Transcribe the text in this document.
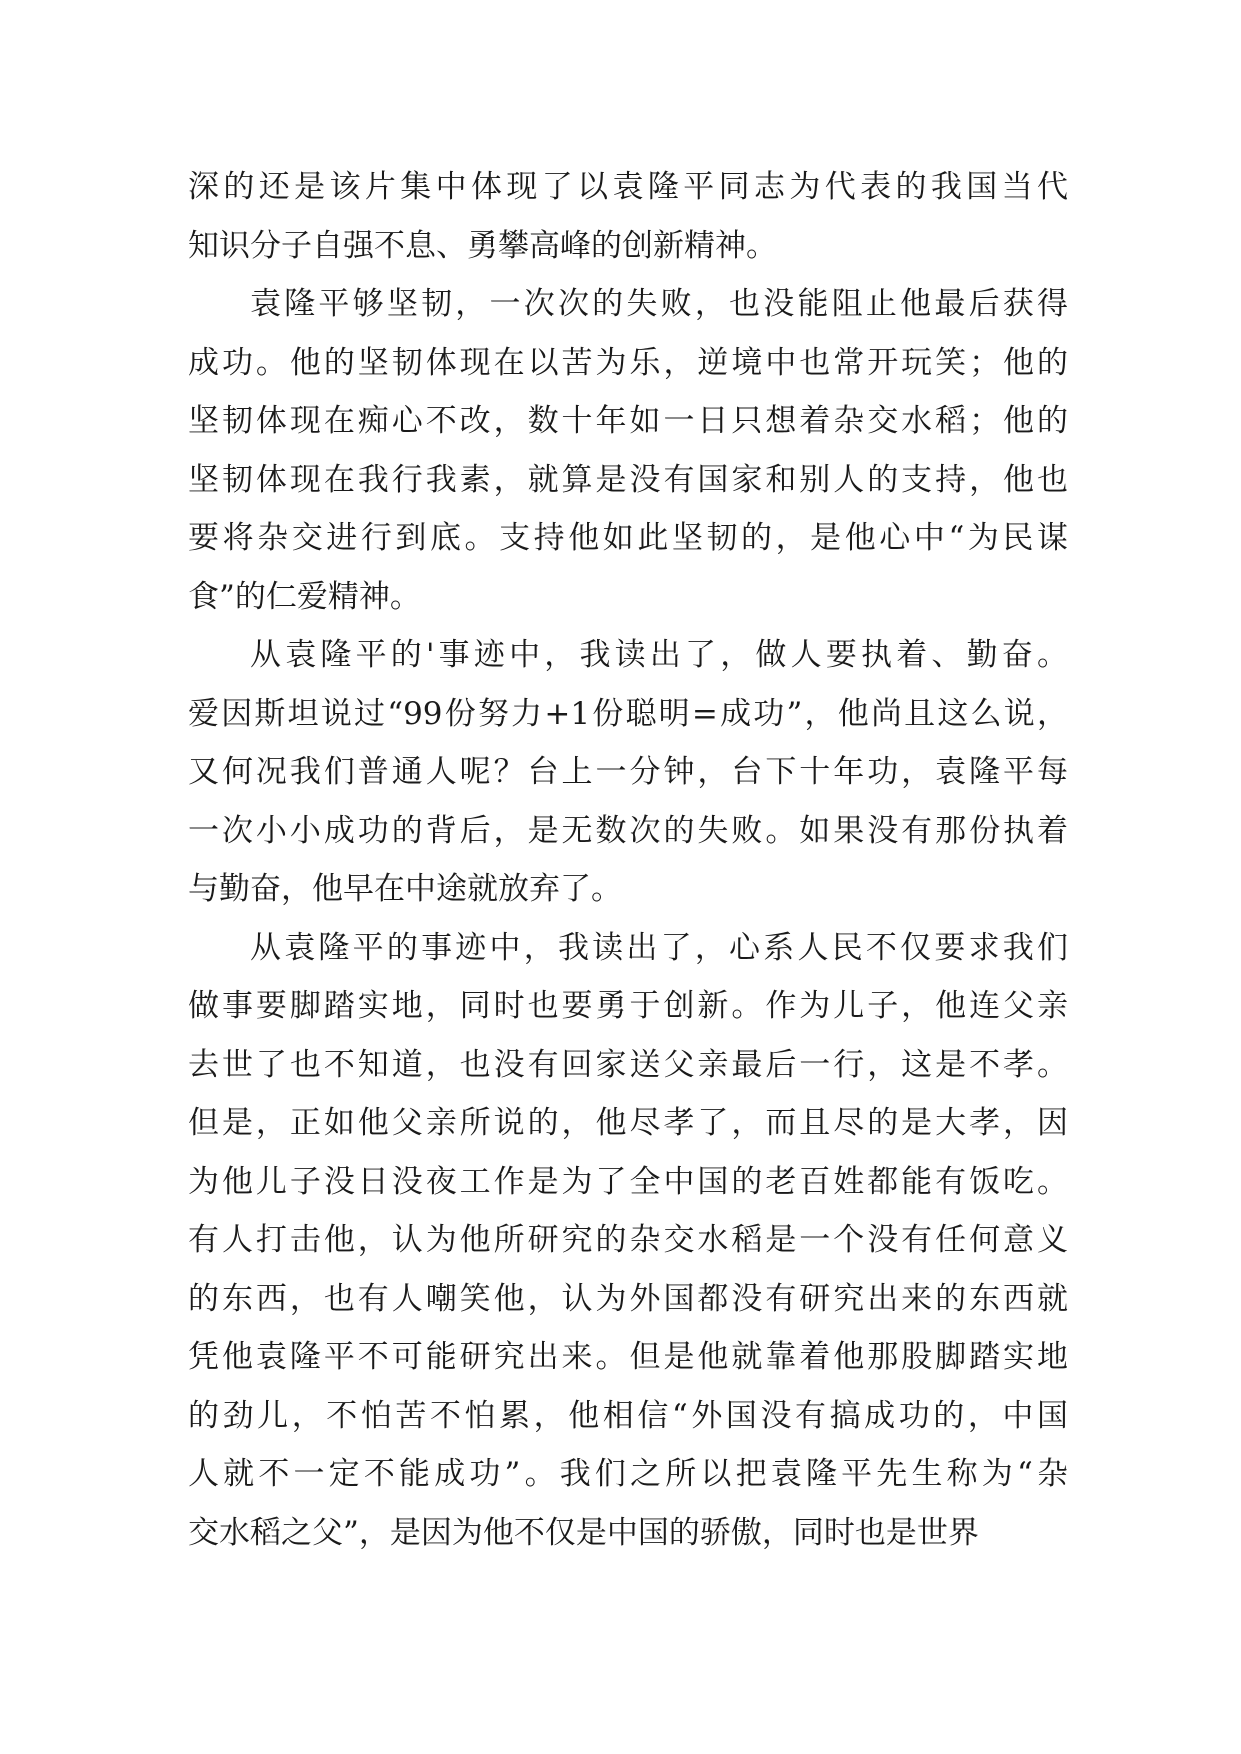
深的还是该片集中体现了以袁隆平同志为代表的我国当代
知识分子自强不息、勇攀高峰的创新精神。
袁隆平够坚韧，一次次的失败，也没能阻止他最后获得
成功。他的坚韧体现在以苦为乐，逆境中也常开玩笑；他的
坚韧体现在痴心不改，数十年如一日只想着杂交水稻；他的
坚韧体现在我行我素，就算是没有国家和别人的支持，他也
要将杂交进行到底。支持他如此坚韧的，是他心中“为民谋
食”的仁爱精神。
从袁隆平的'事迹中，我读出了，做人要执着、勤奋。
爱因斯坦说过“99份努力+1份聪明=成功”，他尚且这么说，
又何况我们普通人呢？台上一分钟，台下十年功，袁隆平每
一次小小成功的背后，是无数次的失败。如果没有那份执着
与勤奋，他早在中途就放弃了。
从袁隆平的事迹中，我读出了，心系人民不仅要求我们
做事要脚踏实地，同时也要勇于创新。作为儿子，他连父亲
去世了也不知道，也没有回家送父亲最后一行，这是不孝。
但是，正如他父亲所说的，他尽孝了，而且尽的是大孝，因
为他儿子没日没夜工作是为了全中国的老百姓都能有饭吃。
有人打击他，认为他所研究的杂交水稻是一个没有任何意义
的东西，也有人嘲笑他，认为外国都没有研究出来的东西就
凭他袁隆平不可能研究出来。但是他就靠着他那股脚踏实地
的劲儿，不怕苦不怕累，他相信“外国没有搞成功的，中国
人就不一定不能成功”。我们之所以把袁隆平先生称为“杂
交水稻之父”，是因为他不仅是中国的骄傲，同时也是世界
